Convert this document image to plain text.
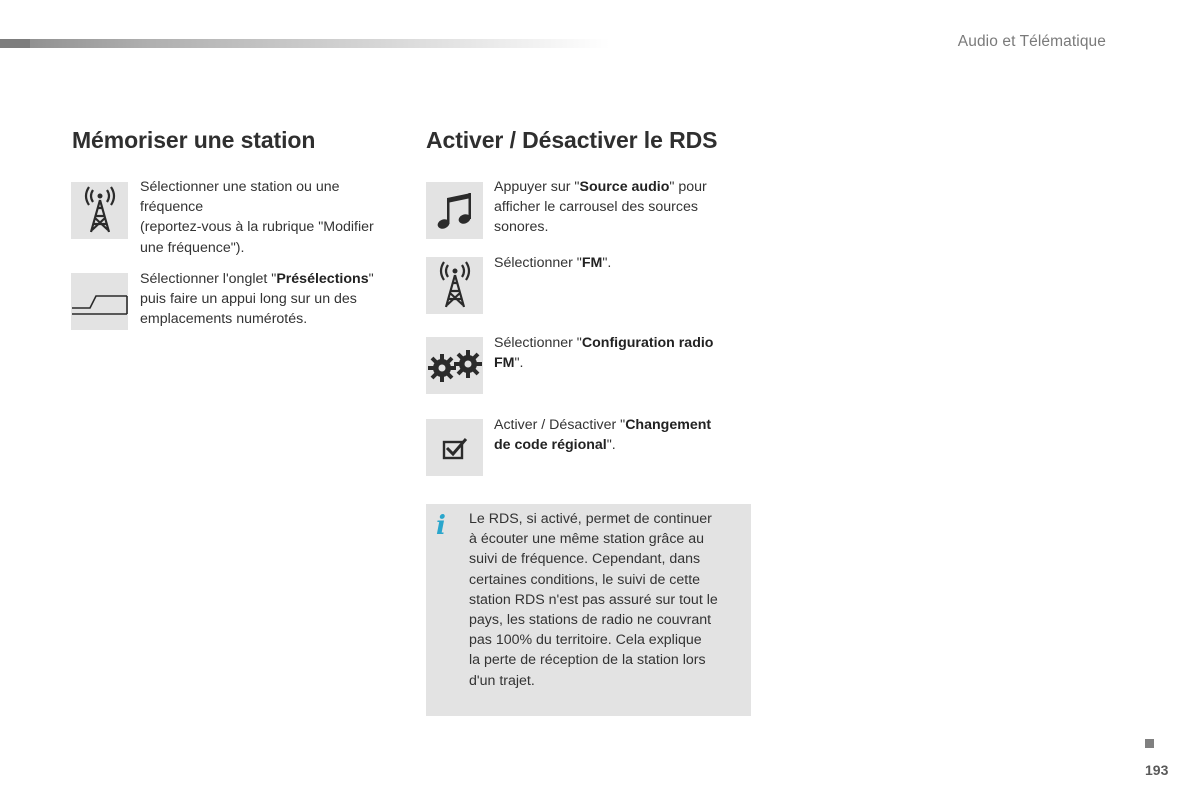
Audio et Télématique
Mémoriser une station
Sélectionner une station ou une
fréquence
(reportez-vous à la rubrique "Modifier
une fréquence").
Sélectionner l'onglet "Présélections"
puis faire un appui long sur un des
emplacements numérotés.
Activer / Désactiver le RDS
Appuyer sur "Source audio" pour
afficher le carrousel des sources
sonores.
Sélectionner "FM".
Sélectionner "Configuration radio
FM".
Activer / Désactiver "Changement
de code régional".
i Le RDS, si activé, permet de continuer
à écouter une même station grâce au
suivi de fréquence. Cependant, dans
certaines conditions, le suivi de cette
station RDS n'est pas assuré sur tout le
pays, les stations de radio ne couvrant
pas 100% du territoire. Cela explique
la perte de réception de la station lors
d'un trajet.
193
